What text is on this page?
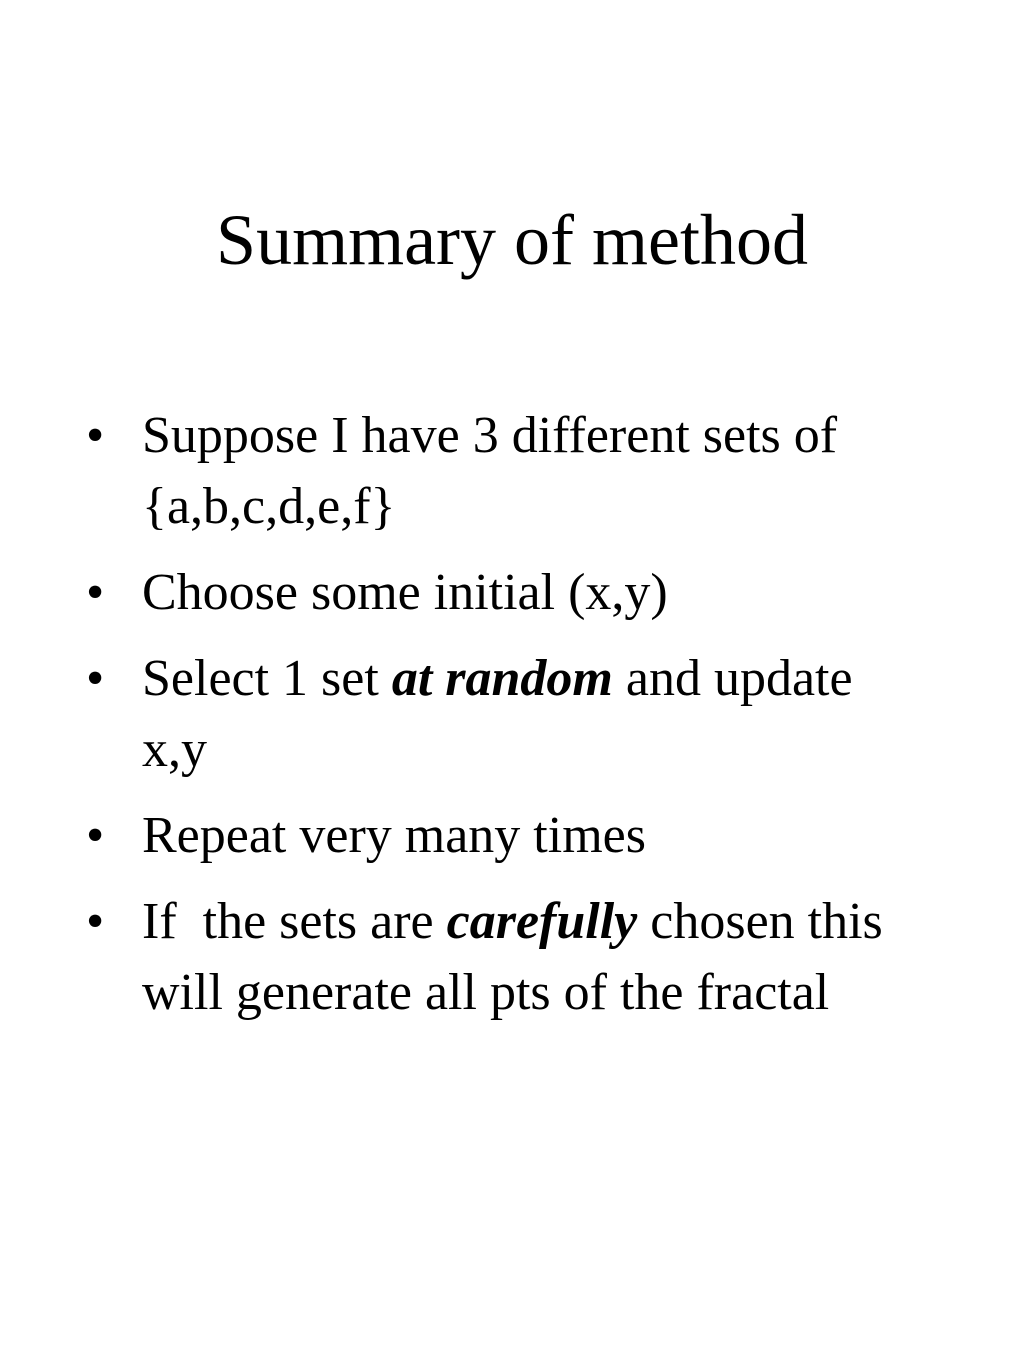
Summary of method
• Suppose I have 3 different sets of {a,b,c,d,e,f}
• Choose some initial (x,y)
• Select 1 set at random and update x,y
• Repeat very many times
• If  the sets are carefully chosen this will generate all pts of the fractal
